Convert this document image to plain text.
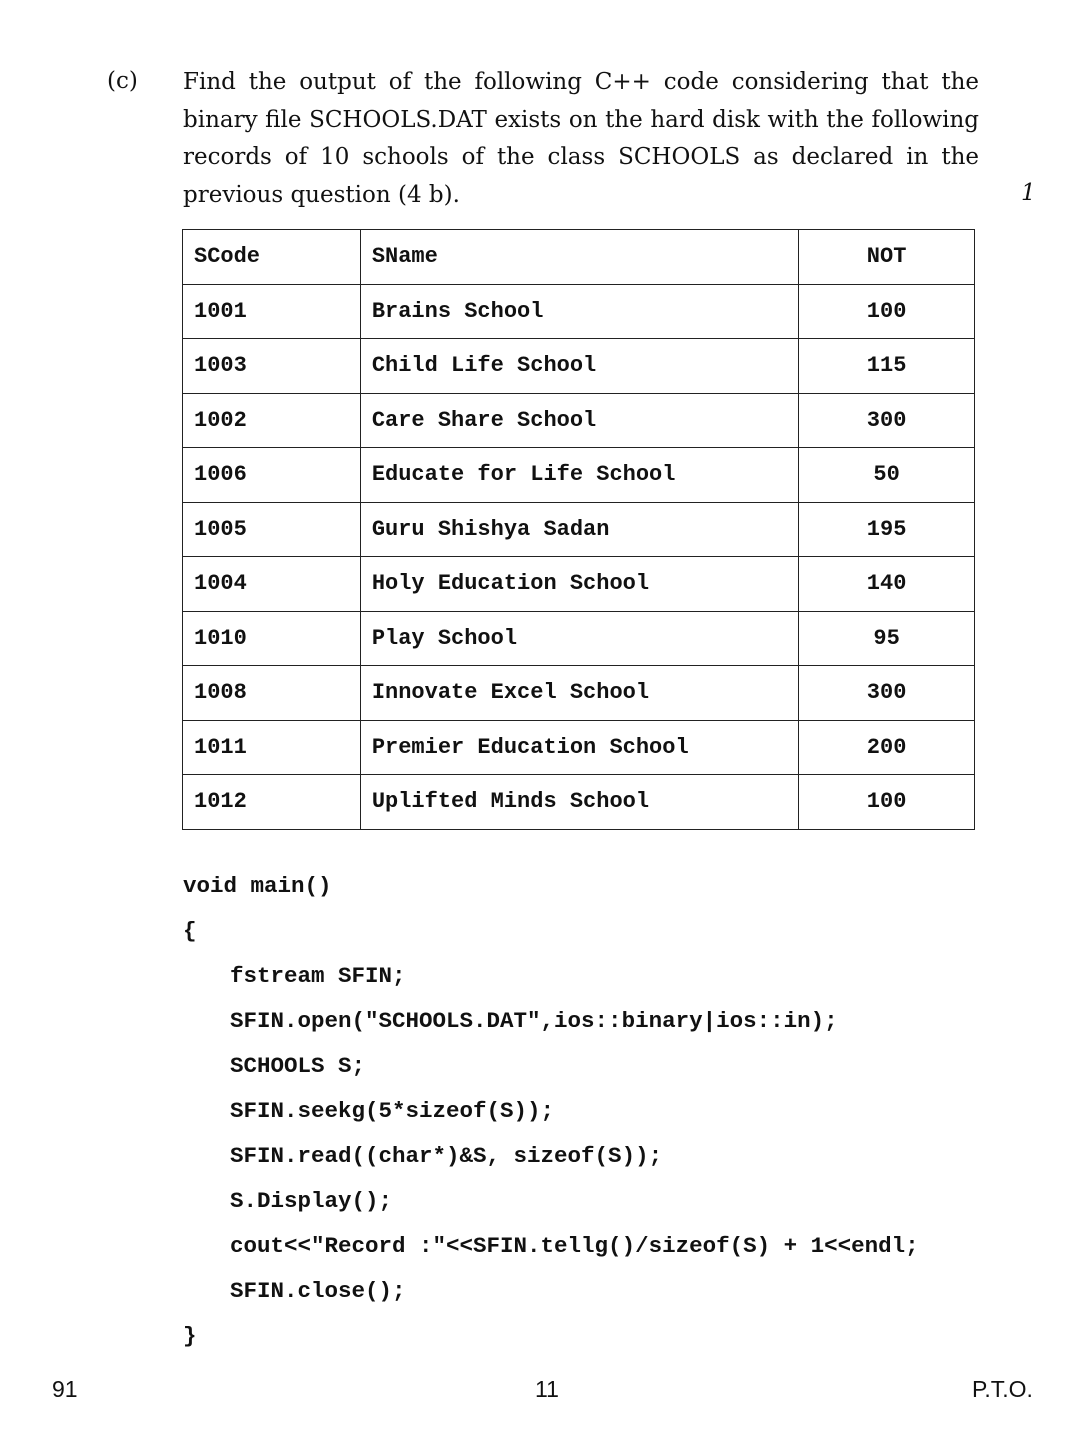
(c) Find the output of the following C++ code considering that the binary file SCHOOLS.DAT exists on the hard disk with the following records of 10 schools of the class SCHOOLS as declared in the previous question (4 b).	1
SCode	SName	NOT
1001	Brains School	100
1003	Child Life School	115
1002	Care Share School	300
1006	Educate for Life School	50
1005	Guru Shishya Sadan	195
1004	Holy Education School	140
1010	Play School	95
1008	Innovate Excel School	300
1011	Premier Education School	200
1012	Uplifted Minds School	100
void main()
{
fstream SFIN;
SFIN.open("SCHOOLS.DAT",ios::binary|ios::in);
SCHOOLS S;
SFIN.seekg(5*sizeof(S));
SFIN.read((char*)&S, sizeof(S));
S.Display();
cout<<"Record :"<<SFIN.tellg()/sizeof(S) + 1<<endl;
SFIN.close();
}
91	11	P.T.O.
